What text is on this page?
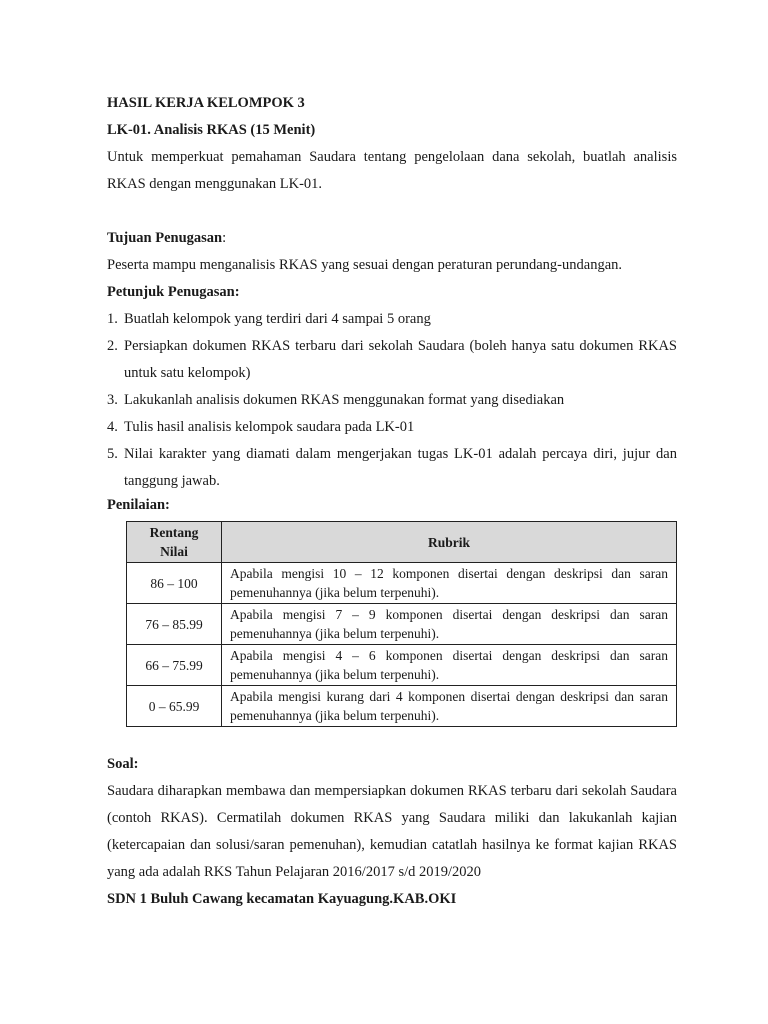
HASIL KERJA KELOMPOK 3
LK-01. Analisis RKAS (15 Menit)
Untuk memperkuat pemahaman Saudara tentang pengelolaan dana sekolah, buatlah analisis RKAS dengan menggunakan LK-01.
Tujuan Penugasan:
Peserta mampu menganalisis RKAS yang sesuai dengan peraturan perundang-undangan.
Petunjuk Penugasan:
1. Buatlah kelompok yang terdiri dari 4 sampai 5 orang
2. Persiapkan dokumen RKAS terbaru dari sekolah Saudara (boleh hanya satu dokumen RKAS untuk satu kelompok)
3. Lakukanlah analisis dokumen RKAS menggunakan format yang disediakan
4. Tulis hasil analisis kelompok saudara pada LK-01
5. Nilai karakter yang diamati dalam mengerjakan tugas LK-01 adalah percaya diri, jujur dan tanggung jawab.
Penilaian:
Rentang Nilai	Rubrik
86 – 100	Apabila mengisi 10 – 12 komponen disertai dengan deskripsi dan saran pemenuhannya (jika belum terpenuhi).
76 – 85.99	Apabila mengisi 7 – 9 komponen disertai dengan deskripsi dan saran pemenuhannya (jika belum terpenuhi).
66 – 75.99	Apabila mengisi 4 – 6 komponen disertai dengan deskripsi dan saran pemenuhannya (jika belum terpenuhi).
0 – 65.99	Apabila mengisi kurang dari 4 komponen disertai dengan deskripsi dan saran pemenuhannya (jika belum terpenuhi).
Soal:
Saudara diharapkan membawa dan mempersiapkan dokumen RKAS terbaru dari sekolah Saudara (contoh RKAS). Cermatilah dokumen RKAS yang Saudara miliki dan lakukanlah kajian (ketercapaian dan solusi/saran pemenuhan), kemudian catatlah hasilnya ke format kajian RKAS yang ada adalah RKS Tahun Pelajaran 2016/2017 s/d 2019/2020
SDN 1 Buluh Cawang kecamatan Kayuagung.KAB.OKI
